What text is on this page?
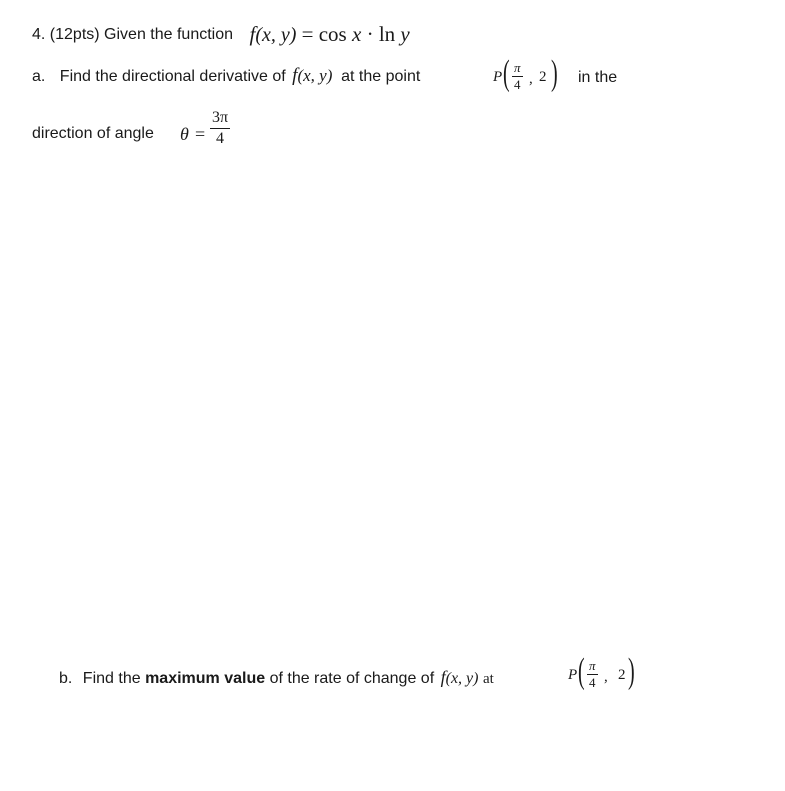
4. (12pts) Given the function f(x, y) = cos x · ln y
a. Find the directional derivative of f(x, y) at the point	P ( $\frac{\pi}{4}$ , 2 ) in the
direction of angle $\theta = \frac{3\pi}{4}$
b. Find the maximum value of the rate of change of f(x, y) at	P ( $\frac{\pi}{4}$ , 2 )
